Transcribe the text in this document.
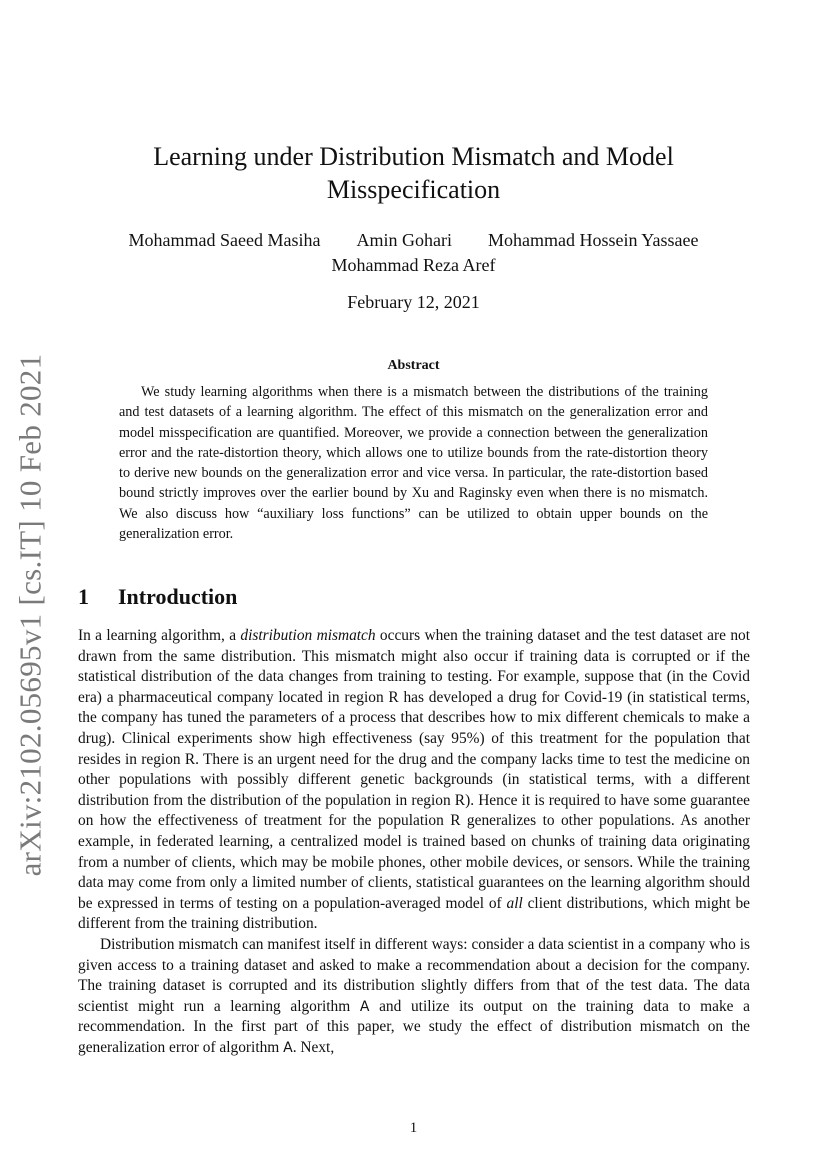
arXiv:2102.05695v1 [cs.IT] 10 Feb 2021
Learning under Distribution Mismatch and Model Misspecification
Mohammad Saeed Masiha Amin Gohari Mohammad Hossein Yassaee
Mohammad Reza Aref
February 12, 2021
Abstract

We study learning algorithms when there is a mismatch between the distributions of the training and test datasets of a learning algorithm. The effect of this mismatch on the generalization error and model misspecification are quantified. Moreover, we provide a connection between the generalization error and the rate-distortion theory, which allows one to utilize bounds from the rate-distortion theory to derive new bounds on the generalization error and vice versa. In particular, the rate-distortion based bound strictly improves over the earlier bound by Xu and Raginsky even when there is no mismatch. We also discuss how “auxiliary loss functions” can be utilized to obtain upper bounds on the generalization error.

1 Introduction

In a learning algorithm, a distribution mismatch occurs when the training dataset and the test dataset are not drawn from the same distribution. This mismatch might also occur if training data is corrupted or if the statistical distribution of the data changes from training to testing. For example, suppose that (in the Covid era) a pharmaceutical company located in region R has developed a drug for Covid-19 (in statistical terms, the company has tuned the parameters of a process that describes how to mix different chemicals to make a drug). Clinical experiments show high effectiveness (say 95%) of this treatment for the population that resides in region R. There is an urgent need for the drug and the company lacks time to test the medicine on other populations with possibly different genetic backgrounds (in statistical terms, with a different distribution from the distribution of the population in region R). Hence it is required to have some guarantee on how the effectiveness of treatment for the population R generalizes to other populations. As another example, in federated learning, a centralized model is trained based on chunks of training data originating from a number of clients, which may be mobile phones, other mobile devices, or sensors. While the training data may come from only a limited number of clients, statistical guarantees on the learning algorithm should be expressed in terms of testing on a population-averaged model of all client distributions, which might be different from the training distribution.

Distribution mismatch can manifest itself in different ways: consider a data scientist in a company who is given access to a training dataset and asked to make a recommendation about a decision for the company. The training dataset is corrupted and its distribution slightly differs from that of the test data. The data scientist might run a learning algorithm A and utilize its output on the training data to make a recommendation. In the first part of this paper, we study the effect of distribution mismatch on the generalization error of algorithm A. Next,

1
